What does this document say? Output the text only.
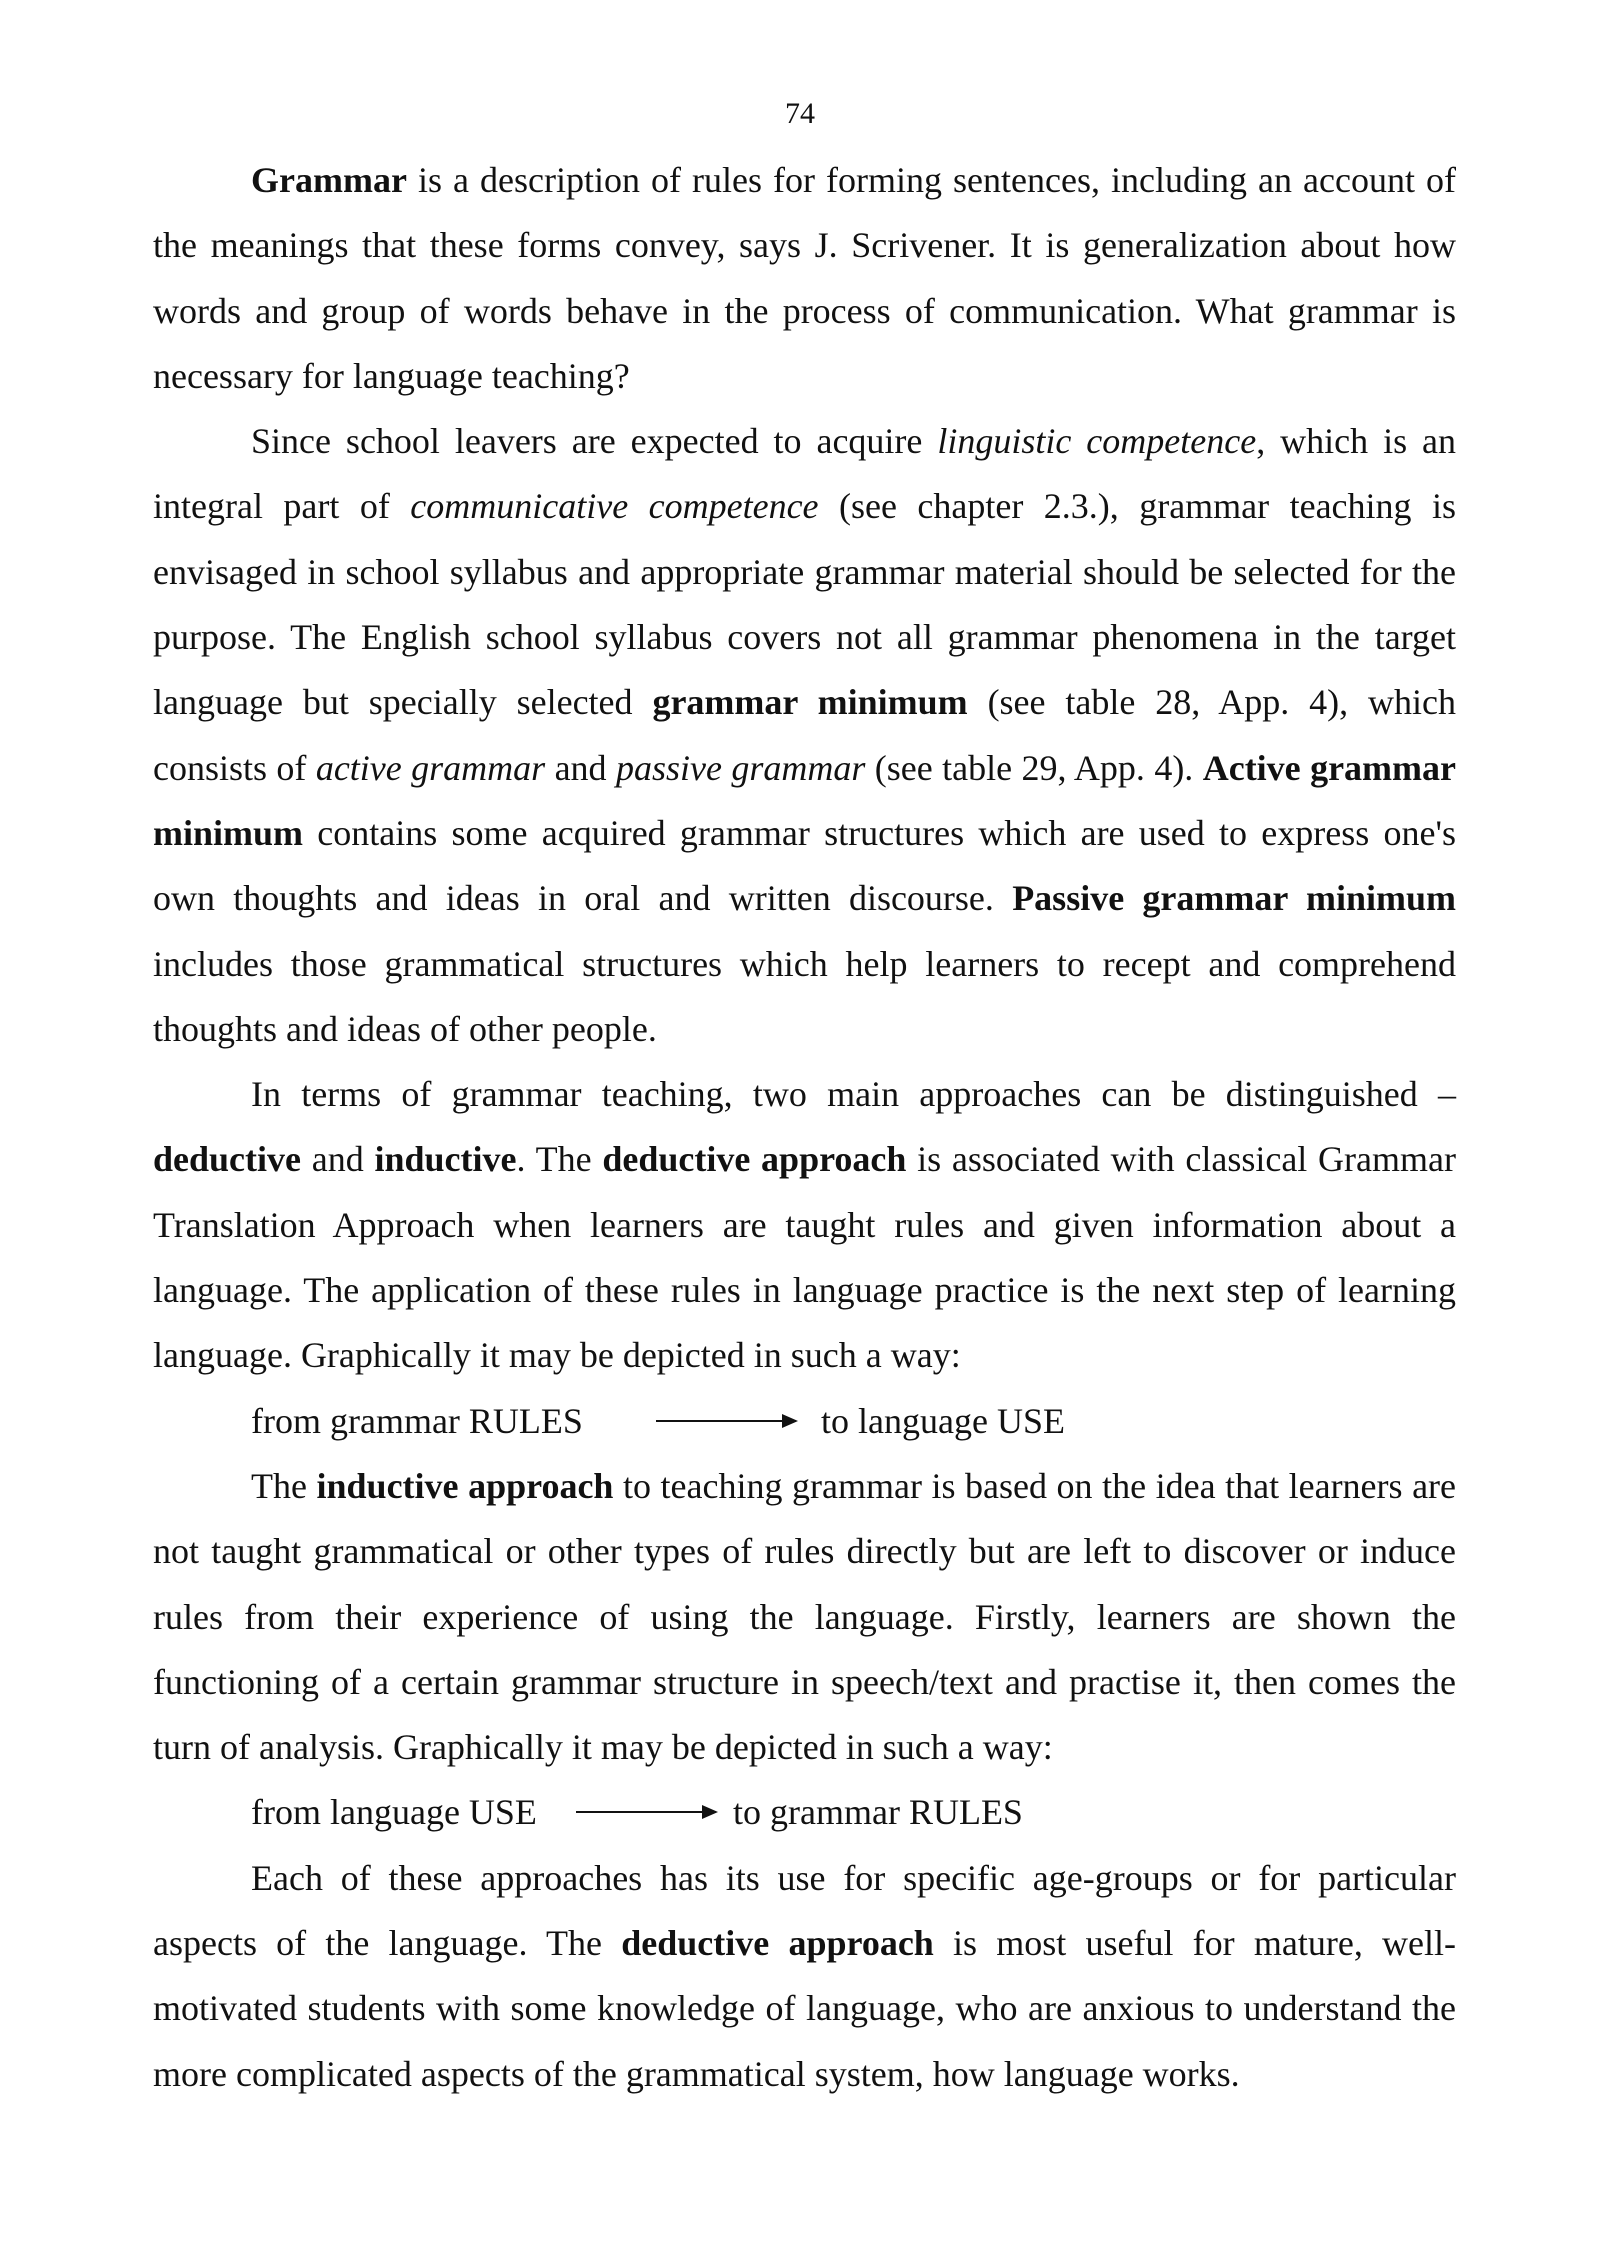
74

Grammar is a description of rules for forming sentences, including an account of the meanings that these forms convey, says J. Scrivener. It is generalization about how words and group of words behave in the process of communication. What grammar is necessary for language teaching?

Since school leavers are expected to acquire linguistic competence, which is an integral part of communicative competence (see chapter 2.3.), grammar teaching is envisaged in school syllabus and appropriate grammar material should be selected for the purpose. The English school syllabus covers not all grammar phenomena in the target language but specially selected grammar minimum (see table 28, App. 4), which consists of active grammar and passive grammar (see table 29, App. 4). Active grammar minimum contains some acquired grammar structures which are used to express one's own thoughts and ideas in oral and written discourse. Passive grammar minimum includes those grammatical structures which help learners to recept and comprehend thoughts and ideas of other people.

In terms of grammar teaching, two main approaches can be distinguished – deductive and inductive. The deductive approach is associated with classical Grammar Translation Approach when learners are taught rules and given information about a language. The application of these rules in language practice is the next step of learning language. Graphically it may be depicted in such a way:

from grammar RULES	to language USE

The inductive approach to teaching grammar is based on the idea that learners are not taught grammatical or other types of rules directly but are left to discover or induce rules from their experience of using the language. Firstly, learners are shown the functioning of a certain grammar structure in speech/text and practise it, then comes the turn of analysis. Graphically it may be depicted in such a way:

from language USE	to grammar RULES

Each of these approaches has its use for specific age-groups or for particular aspects of the language. The deductive approach is most useful for mature, well-motivated students with some knowledge of language, who are anxious to understand the more complicated aspects of the grammatical system, how language works.
